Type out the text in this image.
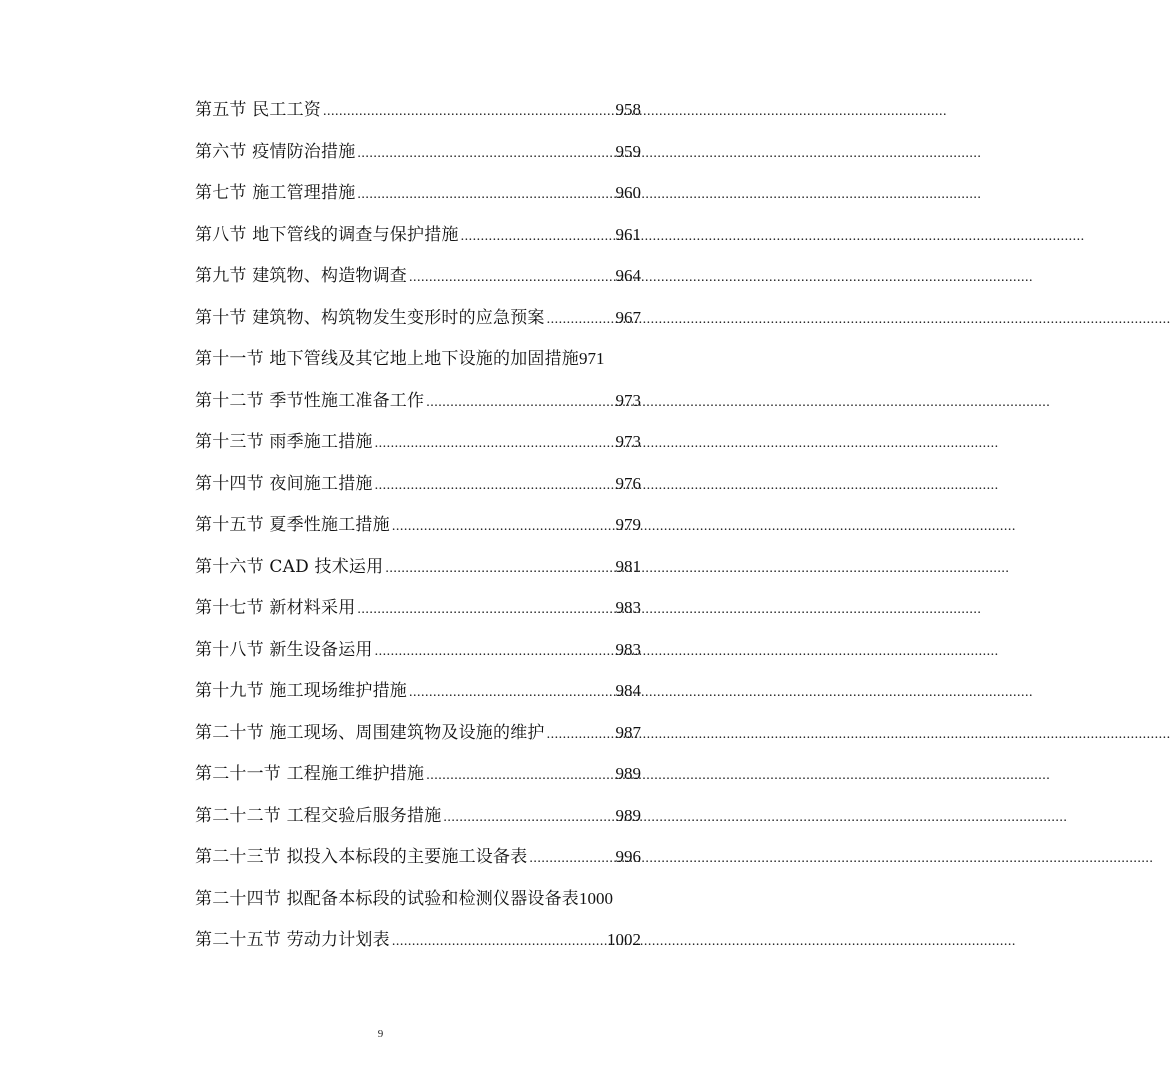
第五节 民工工资 .....	958
第六节 疫情防治措施 .....	959
第七节 施工管理措施 .....	960
第八节 地下管线的调查与保护措施 .....	961
第九节 建筑物、构造物调查 .....	964
第十节 建筑物、构筑物发生变形时的应急预案 .....	967
第十一节 地下管线及其它地上地下设施的加固措施 971
第十二节 季节性施工准备工作 .....	973
第十三节 雨季施工措施 .....	973
第十四节 夜间施工措施 .....	976
第十五节 夏季性施工措施 .....	979
第十六节 CAD 技术运用 .....	981
第十七节 新材料采用 .....	983
第十八节 新生设备运用 .....	983
第十九节 施工现场维护措施 .....	984
第二十节 施工现场、周围建筑物及设施的维护 .....	987
第二十一节 工程施工维护措施 .....	989
第二十二节 工程交验后服务措施 .....	989
第二十三节 拟投入本标段的主要施工设备表 .....	996
第二十四节 拟配备本标段的试验和检测仪器设备表 1000
第二十五节 劳动力计划表 .....	1002
9
